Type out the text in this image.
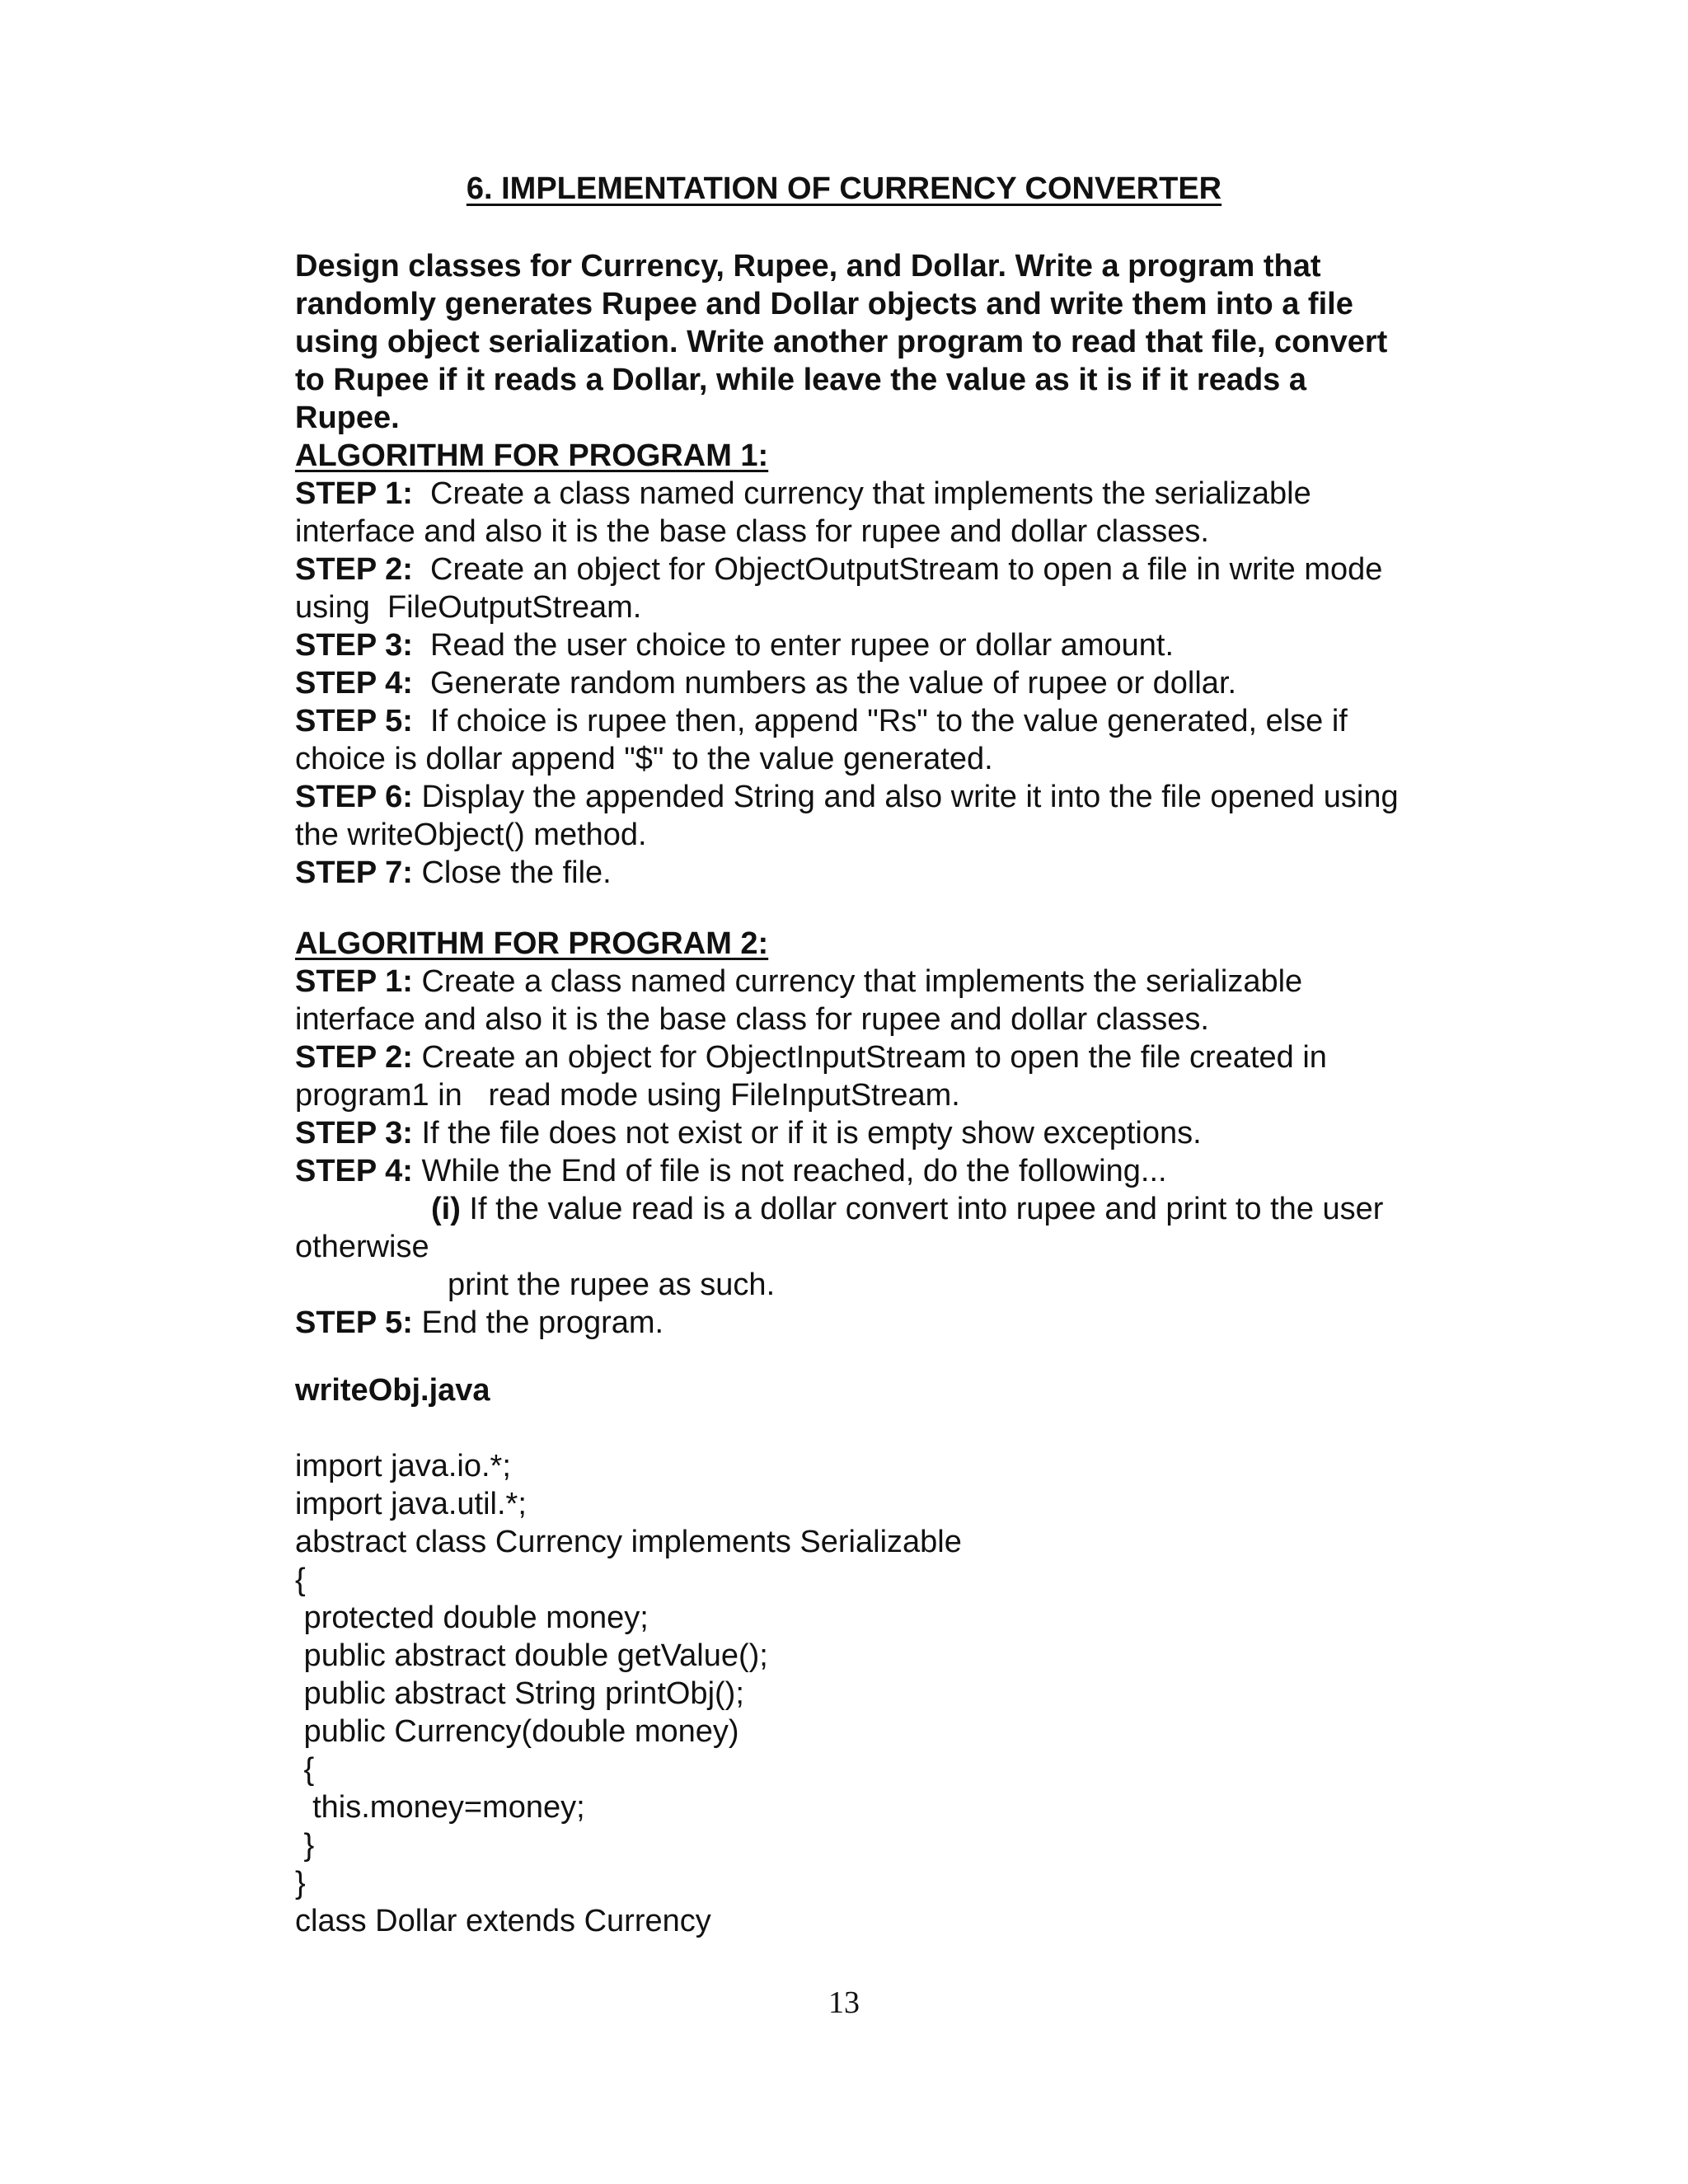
6. IMPLEMENTATION OF CURRENCY CONVERTER
Design classes for Currency, Rupee, and Dollar. Write a program that
randomly generates Rupee and Dollar objects and write them into a file
using object serialization. Write another program to read that file, convert
to Rupee if it reads a Dollar, while leave the value as it is if it reads a
Rupee.
ALGORITHM FOR PROGRAM 1:
STEP 1:  Create a class named currency that implements the serializable
interface and also it is the base class for rupee and dollar classes.
STEP 2:  Create an object for ObjectOutputStream to open a file in write mode
using  FileOutputStream.
STEP 3:  Read the user choice to enter rupee or dollar amount.
STEP 4:  Generate random numbers as the value of rupee or dollar.
STEP 5:  If choice is rupee then, append "Rs" to the value generated, else if
choice is dollar append "$" to the value generated.
STEP 6: Display the appended String and also write it into the file opened using
the writeObject() method.
STEP 7: Close the file.
ALGORITHM FOR PROGRAM 2:
STEP 1: Create a class named currency that implements the serializable
interface and also it is the base class for rupee and dollar classes.
STEP 2: Create an object for ObjectInputStream to open the file created in
program1 in   read mode using FileInputStream.
STEP 3: If the file does not exist or if it is empty show exceptions.
STEP 4: While the End of file is not reached, do the following...
(i) If the value read is a dollar convert into rupee and print to the user
otherwise
print the rupee as such.
STEP 5: End the program.
writeObj.java
import java.io.*;
import java.util.*;
abstract class Currency implements Serializable
{
protected double money;
public abstract double getValue();
public abstract String printObj();
public Currency(double money)
{
this.money=money;
}
}
class Dollar extends Currency
13
